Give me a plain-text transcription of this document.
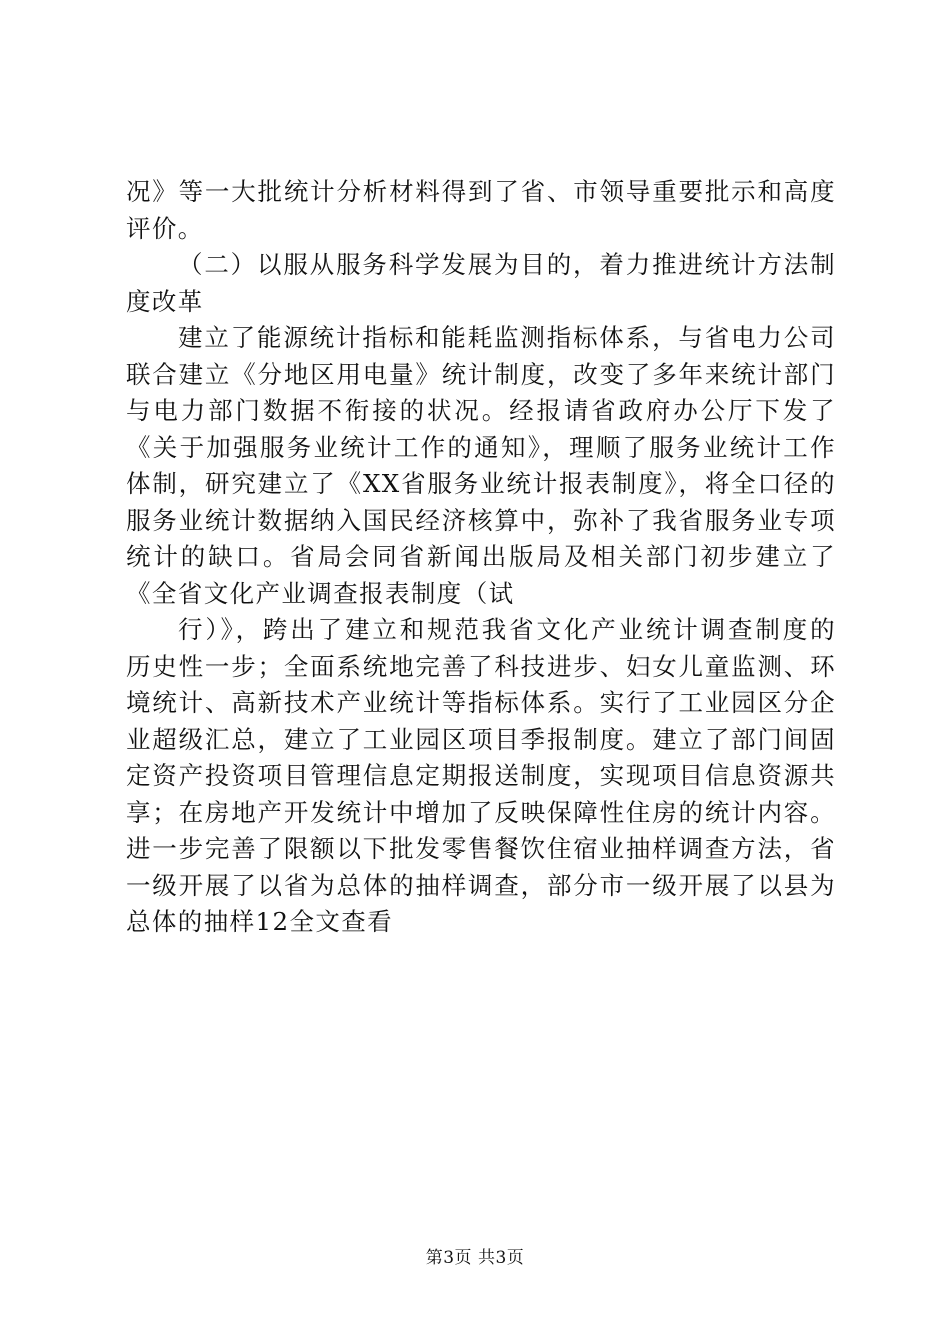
况》等一大批统计分析材料得到了省、市领导重要批示和高度
评价。
（二）以服从服务科学发展为目的，着力推进统计方法制
度改革
建立了能源统计指标和能耗监测指标体系，与省电力公司
联合建立《分地区用电量》统计制度，改变了多年来统计部门
与电力部门数据不衔接的状况。经报请省政府办公厅下发了
《关于加强服务业统计工作的通知》，理顺了服务业统计工作
体制，研究建立了《XX省服务业统计报表制度》，将全口径的
服务业统计数据纳入国民经济核算中，弥补了我省服务业专项
统计的缺口。省局会同省新闻出版局及相关部门初步建立了
《全省文化产业调查报表制度（试
行）》，跨出了建立和规范我省文化产业统计调查制度的
历史性一步；全面系统地完善了科技进步、妇女儿童监测、环
境统计、高新技术产业统计等指标体系。实行了工业园区分企
业超级汇总，建立了工业园区项目季报制度。建立了部门间固
定资产投资项目管理信息定期报送制度，实现项目信息资源共
享；在房地产开发统计中增加了反映保障性住房的统计内容。
进一步完善了限额以下批发零售餐饮住宿业抽样调查方法，省
一级开展了以省为总体的抽样调查，部分市一级开展了以县为
总体的抽样12全文查看
第3页 共3页
